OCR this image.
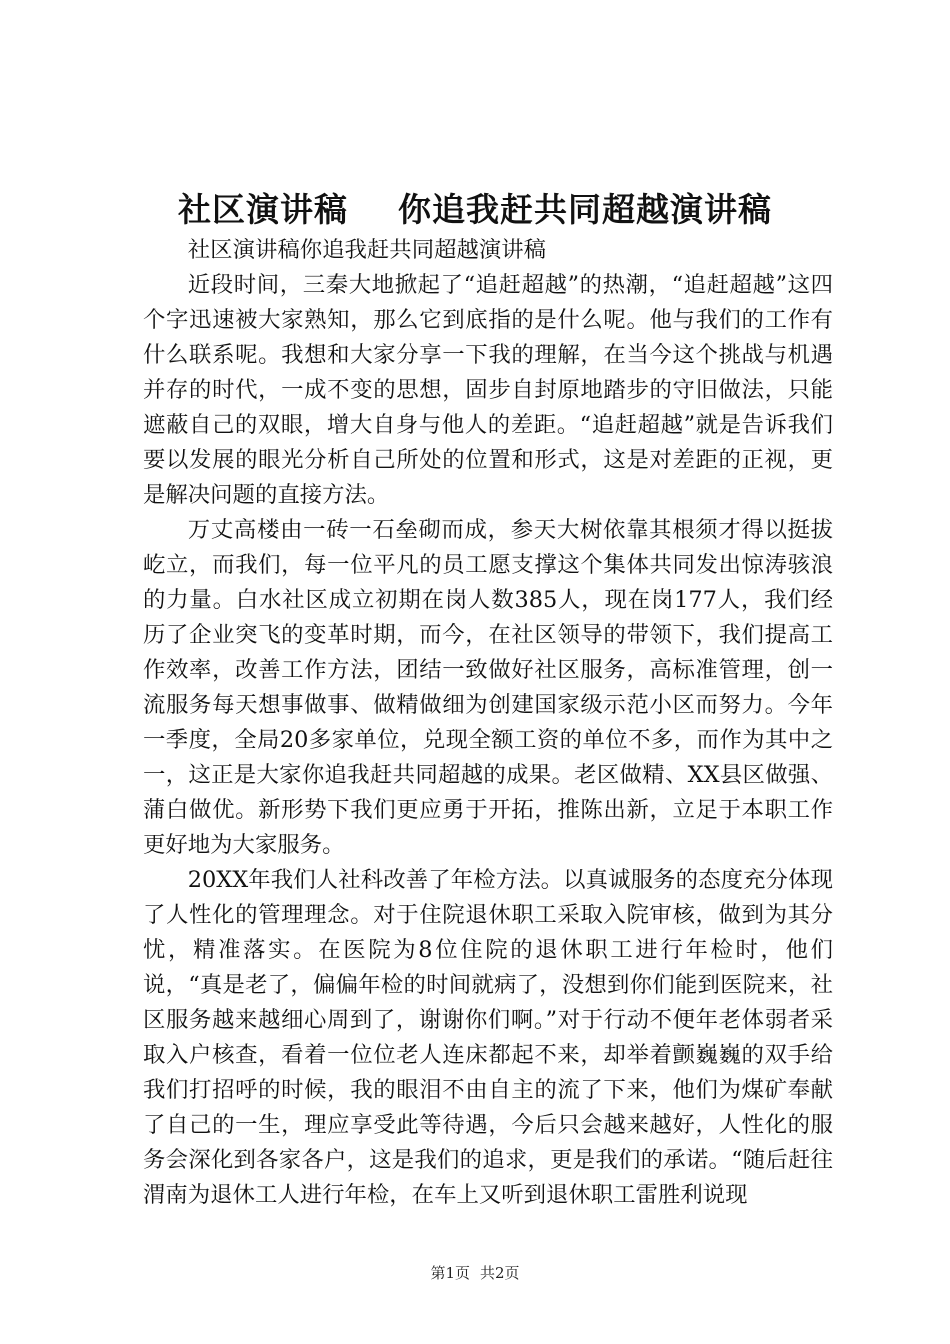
社区演讲稿    你追我赶共同超越演讲稿

社区演讲稿你追我赶共同超越演讲稿

近段时间，三秦大地掀起了“追赶超越”的热潮，“追赶超越”这四个字迅速被大家熟知，那么它到底指的是什么呢。他与我们的工作有什么联系呢。我想和大家分享一下我的理解，在当今这个挑战与机遇并存的时代，一成不变的思想，固步自封原地踏步的守旧做法，只能遮蔽自己的双眼，增大自身与他人的差距。“追赶超越”就是告诉我们要以发展的眼光分析自己所处的位置和形式，这是对差距的正视，更是解决问题的直接方法。

万丈高楼由一砖一石垒砌而成，参天大树依靠其根须才得以挺拔屹立，而我们，每一位平凡的员工愿支撑这个集体共同发出惊涛骇浪的力量。白水社区成立初期在岗人数385人，现在岗177人，我们经历了企业突飞的变革时期，而今，在社区领导的带领下，我们提高工作效率，改善工作方法，团结一致做好社区服务，高标准管理，创一流服务每天想事做事、做精做细为创建国家级示范小区而努力。今年一季度，全局20多家单位，兑现全额工资的单位不多，而作为其中之一，这正是大家你追我赶共同超越的成果。老区做精、XX县区做强、蒲白做优。新形势下我们更应勇于开拓，推陈出新，立足于本职工作更好地为大家服务。

20XX年我们人社科改善了年检方法。以真诚服务的态度充分体现了人性化的管理理念。对于住院退休职工采取入院审核，做到为其分忧，精准落实。在医院为8位住院的退休职工进行年检时，他们说，“真是老了，偏偏年检的时间就病了，没想到你们能到医院来，社区服务越来越细心周到了，谢谢你们啊。”对于行动不便年老体弱者采取入户核查，看着一位位老人连床都起不来，却举着颤巍巍的双手给我们打招呼的时候，我的眼泪不由自主的流了下来，他们为煤矿奉献了自己的一生，理应享受此等待遇，今后只会越来越好，人性化的服务会深化到各家各户，这是我们的追求，更是我们的承诺。“随后赶往渭南为退休工人进行年检，在车上又听到退休职工雷胜利说现

第1页 共2页
